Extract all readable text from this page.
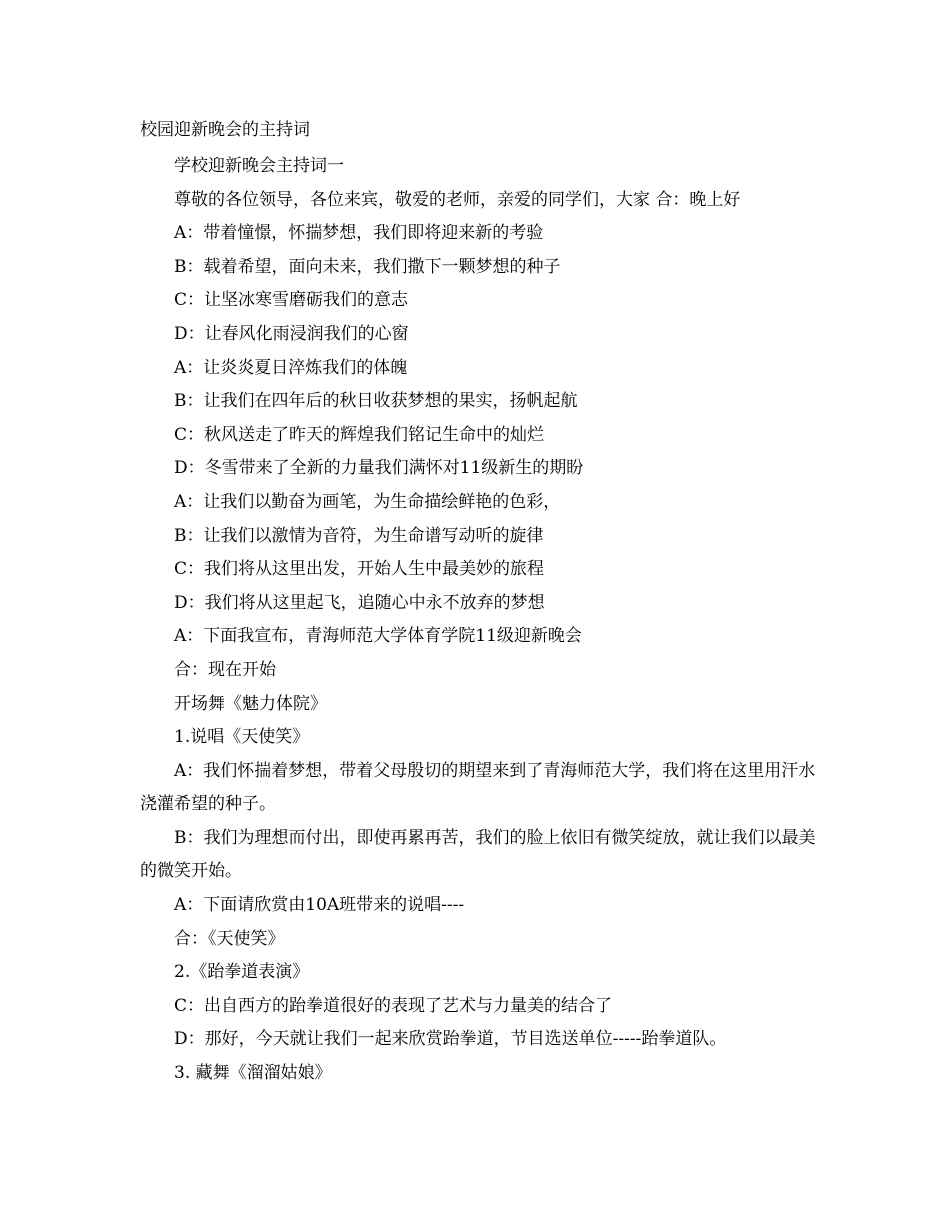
校园迎新晚会的主持词

学校迎新晚会主持词一

尊敬的各位领导，各位来宾，敬爱的老师，亲爱的同学们，大家 合：晚上好

A：带着憧憬，怀揣梦想，我们即将迎来新的考验

B：载着希望，面向未来，我们撒下一颗梦想的种子

C：让坚冰寒雪磨砺我们的意志

D：让春风化雨浸润我们的心窗

A：让炎炎夏日淬炼我们的体魄

B：让我们在四年后的秋日收获梦想的果实，扬帆起航

C：秋风送走了昨天的辉煌我们铭记生命中的灿烂

D：冬雪带来了全新的力量我们满怀对11级新生的期盼

A：让我们以勤奋为画笔，为生命描绘鲜艳的色彩，

B：让我们以激情为音符，为生命谱写动听的旋律

C：我们将从这里出发，开始人生中最美妙的旅程

D：我们将从这里起飞，追随心中永不放弃的梦想

A：下面我宣布，青海师范大学体育学院11级迎新晚会

合：现在开始

开场舞《魅力体院》

1.说唱《天使笑》

A：我们怀揣着梦想，带着父母殷切的期望来到了青海师范大学，我们将在这里用汗水浇灌希望的种子。

B：我们为理想而付出，即使再累再苦，我们的脸上依旧有微笑绽放，就让我们以最美的微笑开始。

A：下面请欣赏由10A班带来的说唱----

合：《天使笑》

2.《跆拳道表演》

C：出自西方的跆拳道很好的表现了艺术与力量美的结合了

D：那好，今天就让我们一起来欣赏跆拳道，节目选送单位-----跆拳道队。

3. 藏舞《溜溜姑娘》
